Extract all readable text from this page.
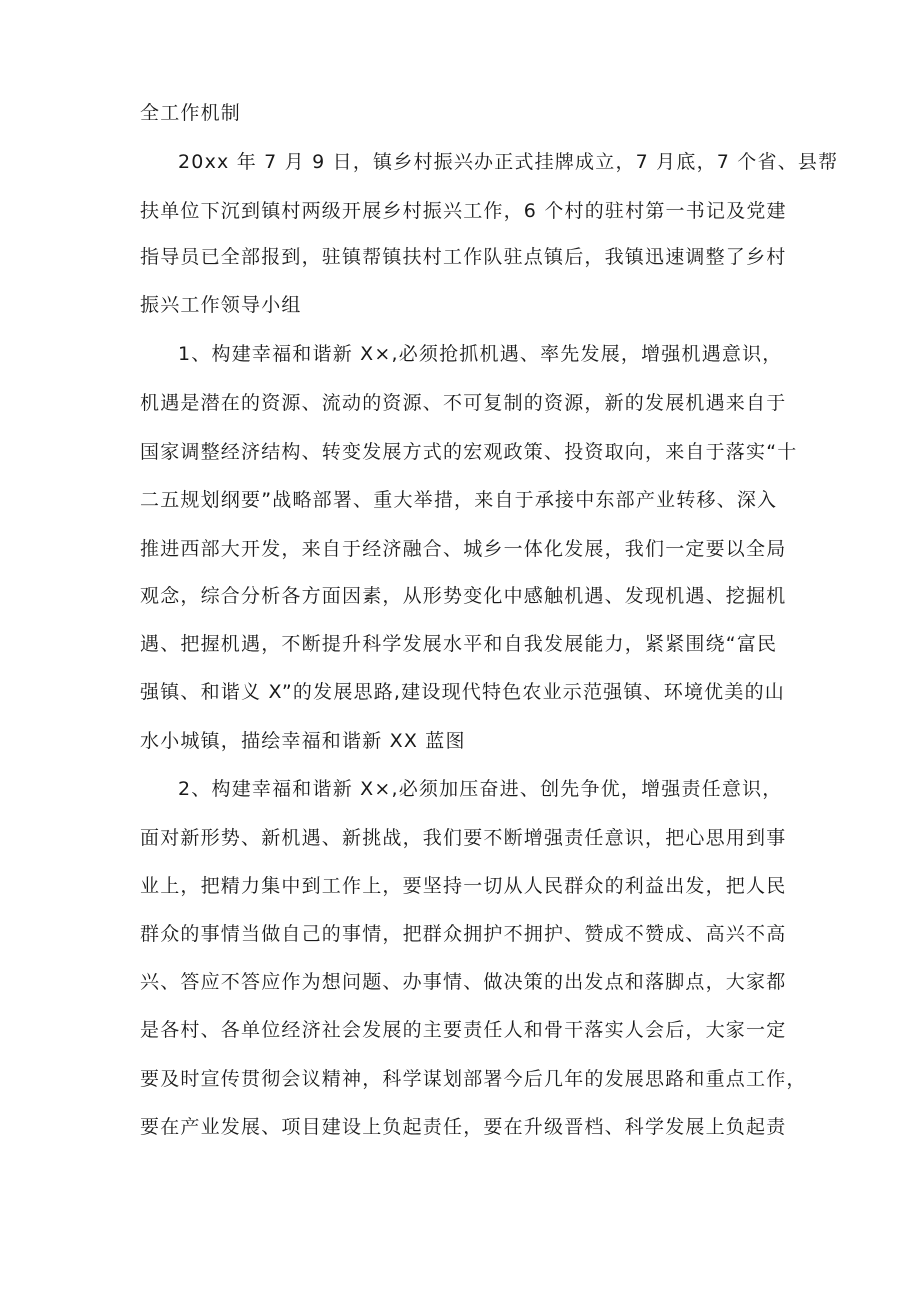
全工作机制
20xx 年 7 月 9 日，镇乡村振兴办正式挂牌成立，7 月底，7 个省、县帮
扶单位下沉到镇村两级开展乡村振兴工作，6 个村的驻村第一书记及党建
指导员已全部报到，驻镇帮镇扶村工作队驻点镇后，我镇迅速调整了乡村
振兴工作领导小组
1、构建幸福和谐新 X×,必须抢抓机遇、率先发展，增强机遇意识，
机遇是潜在的资源、流动的资源、不可复制的资源，新的发展机遇来自于
国家调整经济结构、转变发展方式的宏观政策、投资取向，来自于落实“十
二五规划纲要”战略部署、重大举措，来自于承接中东部产业转移、深入
推进西部大开发，来自于经济融合、城乡一体化发展，我们一定要以全局
观念，综合分析各方面因素，从形势变化中感触机遇、发现机遇、挖掘机
遇、把握机遇，不断提升科学发展水平和自我发展能力，紧紧围绕“富民
强镇、和谐义 X”的发展思路,建设现代特色农业示范强镇、环境优美的山
水小城镇，描绘幸福和谐新 XX 蓝图
2、构建幸福和谐新 X×,必须加压奋进、创先争优，增强责任意识，
面对新形势、新机遇、新挑战，我们要不断增强责任意识，把心思用到事
业上，把精力集中到工作上，要坚持一切从人民群众的利益出发，把人民
群众的事情当做自己的事情，把群众拥护不拥护、赞成不赞成、高兴不高
兴、答应不答应作为想问题、办事情、做决策的出发点和落脚点，大家都
是各村、各单位经济社会发展的主要责任人和骨干落实人会后，大家一定
要及时宣传贯彻会议精神，科学谋划部署今后几年的发展思路和重点工作，
要在产业发展、项目建设上负起责任，要在升级晋档、科学发展上负起责
